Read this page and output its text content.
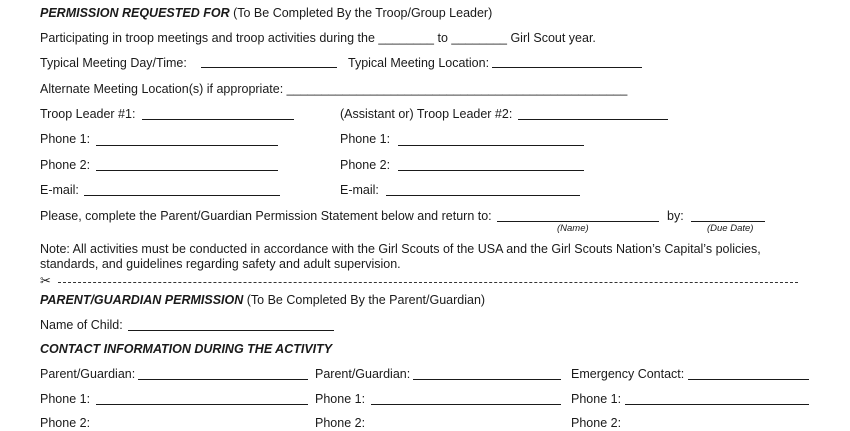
PERMISSION REQUESTED FOR (To Be Completed By the Troop/Group Leader)
Participating in troop meetings and troop activities during the ________ to ________ Girl Scout year.
Typical Meeting Day/Time:	Typical Meeting Location:
Alternate Meeting Location(s) if appropriate: _________________________________________________
Troop Leader #1:	(Assistant or) Troop Leader #2:
Phone 1:	Phone 1:
Phone 2:	Phone 2:
E-mail:	E-mail:
Please, complete the Parent/Guardian Permission Statement below and return to:	by:
(Name)	(Due Date)
Note: All activities must be conducted in accordance with the Girl Scouts of the USA and the Girl Scouts Nation’s Capital’s policies,
standards, and guidelines regarding safety and adult supervision.
✂
PARENT/GUARDIAN PERMISSION (To Be Completed By the Parent/Guardian)
Name of Child:
CONTACT INFORMATION DURING THE ACTIVITY
Parent/Guardian:	Parent/Guardian:	Emergency Contact:
Phone 1:	Phone 1:	Phone 1:
Phone 2:	Phone 2:	Phone 2:
